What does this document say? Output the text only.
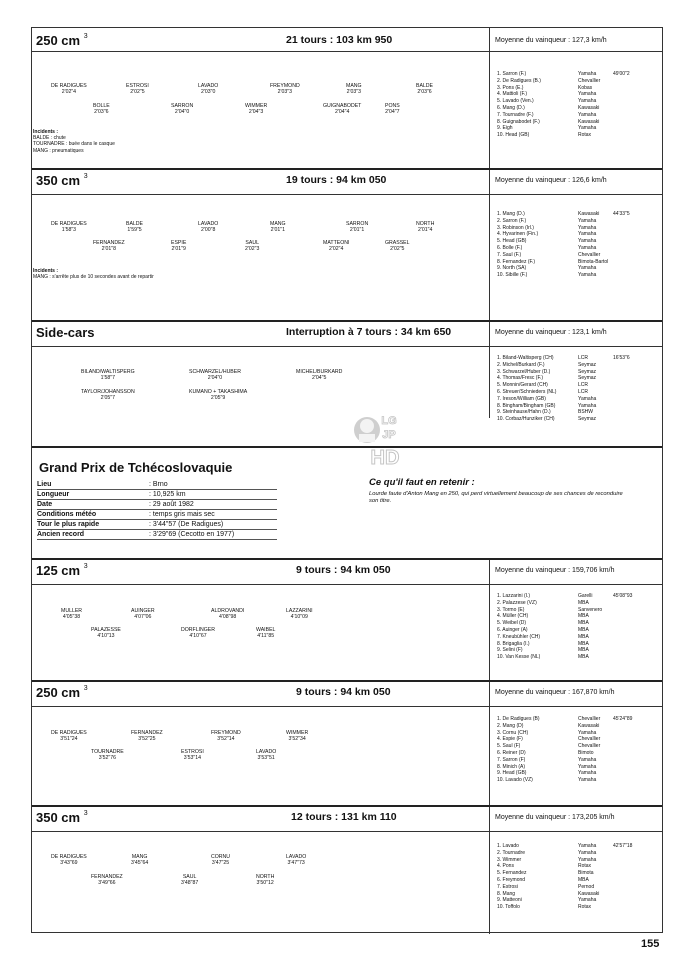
250 cm $^3$	21 tours : 103 km 950	Moyenne du vainqueur : 127,3 km/h
DE RADIGUES
2'02"4
ESTROSI
2'02"5
LAVADO
2'03"0
FREYMOND
2'03"3
MANG
2'03"3
BALDE
2'03"6
BOLLE
2'03"6
SARRON
2'04"0
WIMMER
2'04"3
GUIGNABODET
2'04"4
PONS
2'04"7
Incidents :
BALDE : chute
TOURNADRE : buée dans le casque
MANG : pneumatiques
1. Sarron (F.)	Yamaha	49'00"2
2. De Radigues (B.)	Chevallier
3. Pons (E.)	Kobas
4. Mattioli (F.)	Yamaha
5. Lavado (Ven.)	Yamaha
6. Mang (D.)	Kawasaki
7. Tournadre (F.)	Yamaha
8. Guignabodet (F.)	Kawasaki
9. Eigh	Yamaha
10. Head (GB)	Rotax
350 cm $^3$	19 tours : 94 km 050	Moyenne du vainqueur : 126,6 km/h
DE RADIGUES
1'58"3
BALDE
1'59"5
LAVADO
2'00"8
MANG
2'01"1
SARRON
2'01"1
NORTH
2'01"4
FERNANDEZ
2'01"8
ESPIE
2'01"9
SAUL
2'02"3
MATTEONI
2'02"4
GRASSEL
2'02"5
Incidents :
MANG : s'arrête plus de 10 secondes avant de repartir
1. Mang (D.)	Kawasaki	44'33"5
2. Sarron (F.)	Yamaha
3. Robinson (Irl.)	Yamaha
4. Hyvarinen (Fin.)	Yamaha
5. Head (GB)	Yamaha
6. Bolle (F.)	Yamaha
7. Saul (F.)	Chevallier
8. Fernandez (F.)	Bimota-Bartol
9. North (SA)	Yamaha
10. Sibille (F.)	Yamaha
Side-cars	Interruption à 7 tours : 34 km 650	Moyenne du vainqueur : 123,1 km/h
BILAND/WALTISPERG
1'58"7
SCHWARZEL/HUBER
2'04"0
MICHEL/BURKARD
2'04"5
TAYLOR/JOHANSSON
2'05"7
KUMANO + TAKASHIMA
2'05"9
1. Biland-Waltisperg (CH)	LCR	16'53"6
2. Michel/Burkard (F.)	Seymaz
3. Schwarzel/Huber (D.)	Seymaz
4. Thomas/Fresc (F.)	Seymaz
5. Monnin/Gerard (CH)	LCR
6. Streuer/Schnieders (NL)	LCR
7. Ireson/William (GB)	Yamaha
8. Bingham/Bingham (GB)	Yamaha
9. Steinhause/Hahn (D.)	BSHW
10. Corbaz/Hunziker (CH)	Seymaz
125 cm $^3$	9 tours : 94 km 050	Moyenne du vainqueur : 159,706 km/h
MULLER
4'05"38
AUINGER
4'07"06
ALDROVANDI
4'08"98
LAZZARINI
4'10"09
PALAZESSE
4'10"13
DORFLINGER
4'10"67
WAIBEL
4'11"85
1. Lazzarini (I.)	Garelli	45'08"93
2. Palazzese (VZ)	MBA
3. Tormo (E)	Sanvenero
4. Müller (CH)	MBA
5. Weibel (D)	MBA
6. Auinger (A)	MBA
7. Kneubühler (CH)	MBA
8. Brigaglia (I.)	MBA
9. Selini (F)	MBA
10. Van Kesse (NL)	MBA
250 cm $^3$	9 tours : 94 km 050	Moyenne du vainqueur : 167,870 km/h
DE RADIGUES
3'51"24
FERNANDEZ
3'52"25
FREYMOND
3'52"14
WIMMER
3'52"34
TOURNADRE
3'52"76
ESTROSI
3'53"14
LAVADO
3'53"51
1. De Radigues (B)	Chevallier	45'24"89
2. Mang (D)	Kawasaki
3. Cornu (CH)	Yamaha
4. Espie (F)	Chevallier
5. Saul (F)	Chevallier
6. Reiner (D)	Bimoto
7. Sarron (F)	Yamaha
8. Minich (A)	Yamaha
9. Head (GB)	Yamaha
10. Lavado (VZ)	Yamaha
350 cm $^3$	12 tours : 131 km 110	Moyenne du vainqueur : 173,205 km/h
DE RADIGUES
3'43"69
MANG
3'45"64
CORNU
3'47"25
LAVADO
3'47"73
FERNANDEZ
3'49"66
SAUL
3'48"87
NORTH
3'50"12
1. Lavado	Yamaha	42'57"18
2. Tournadre	Yamaha
3. Wimmer	Yamaha
4. Pons	Rotax
5. Fernandez	Bimota
6. Freymond	MBA
7. Estrosi	Pernod
8. Mang	Kawasaki
9. Matteoni	Yamaha
10. Toffolo	Rotax
Grand Prix de Tchécoslovaquie
Lieu	: Brno
Longueur	: 10,925 km
Date	: 29 août 1982
Conditions météo	: temps gris mais sec
Tour le plus rapide	: 3'44"57 (De Radigues)
Ancien record	: 3'29"69 (Cecotto en 1977)
Ce qu'il faut en retenir :
Lourde faute d'Anton Mang en 250, qui perd virtuellement beaucoup de ses chances de reconduire son titre.
LG
JP
HD
155
